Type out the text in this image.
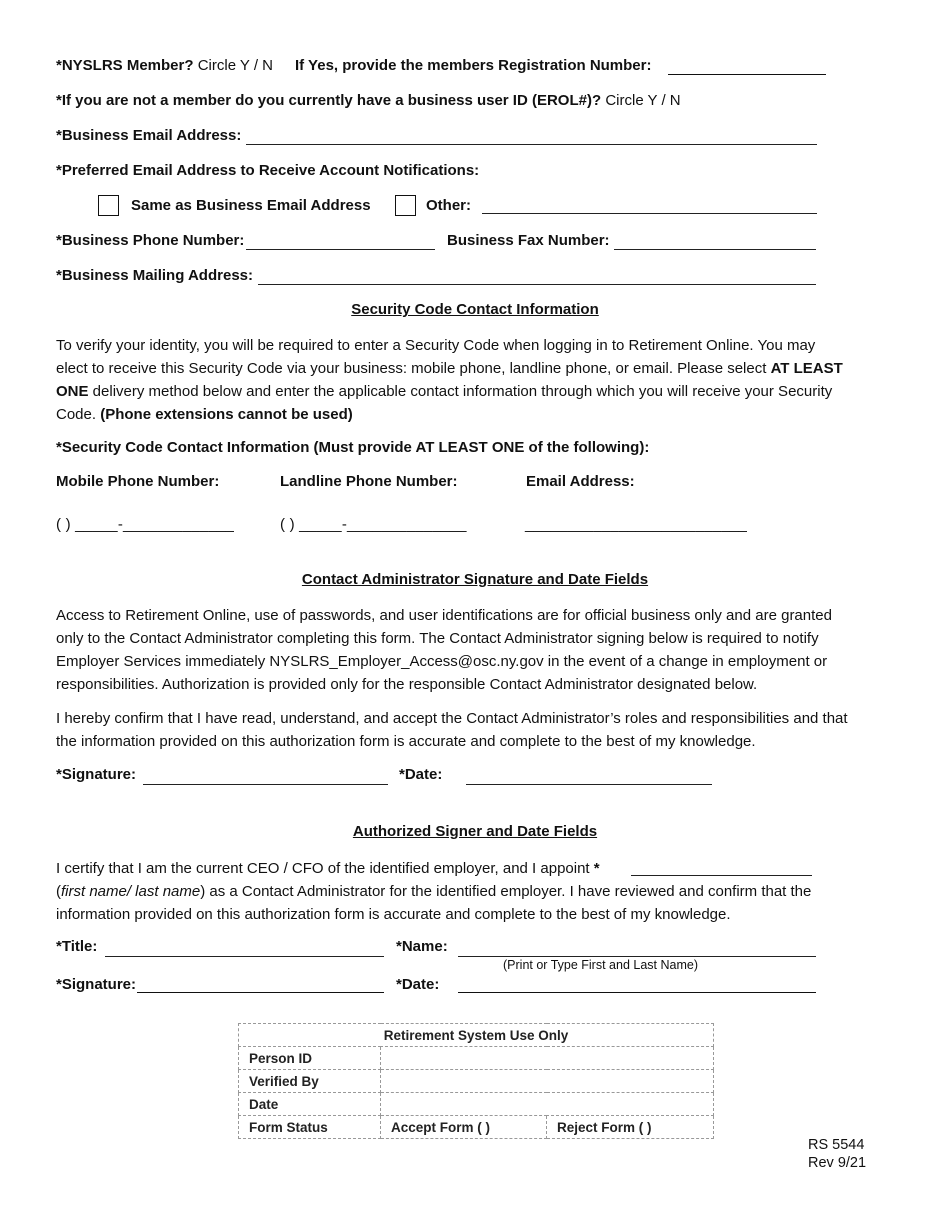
*NYSLRS Member? Circle Y / N If Yes, provide the members Registration Number:
*If you are not a member do you currently have a business user ID (EROL#)? Circle Y / N
*Business Email Address:
*Preferred Email Address to Receive Account Notifications:
Same as Business Email Address	Other:
*Business Phone Number:	Business Fax Number:
*Business Mailing Address:
Security Code Contact Information
To verify your identity, you will be required to enter a Security Code when logging in to Retirement Online. You may
elect to receive this Security Code via your business: mobile phone, landline phone, or email. Please select AT LEAST
ONE delivery method below and enter the applicable contact information through which you will receive your Security
Code. (Phone extensions cannot be used)
*Security Code Contact Information (Must provide AT LEAST ONE of the following):
Mobile Phone Number:	Landline Phone Number:	Email Address:
( ) _____-_____________	( ) _____-______________	__________________________
Contact Administrator Signature and Date Fields
Access to Retirement Online, use of passwords, and user identifications are for official business only and are granted
only to the Contact Administrator completing this form. The Contact Administrator signing below is required to notify
Employer Services immediately NYSLRS_Employer_Access@osc.ny.gov in the event of a change in employment or
responsibilities. Authorization is provided only for the responsible Contact Administrator designated below.
I hereby confirm that I have read, understand, and accept the Contact Administrator’s roles and responsibilities and that
the information provided on this authorization form is accurate and complete to the best of my knowledge.
*Signature:	*Date:
Authorized Signer and Date Fields
I certify that I am the current CEO / CFO of the identified employer, and I appoint *
(first name/ last name) as a Contact Administrator for the identified employer. I have reviewed and confirm that the
information provided on this authorization form is accurate and complete to the best of my knowledge.
*Title:	*Name:
(Print or Type First and Last Name)
*Signature:	*Date:
Retirement System Use Only		
Person ID		
Verified By		
Date		
Form Status	Accept Form ( )	Reject Form ( )
RS 5544
Rev 9/21
